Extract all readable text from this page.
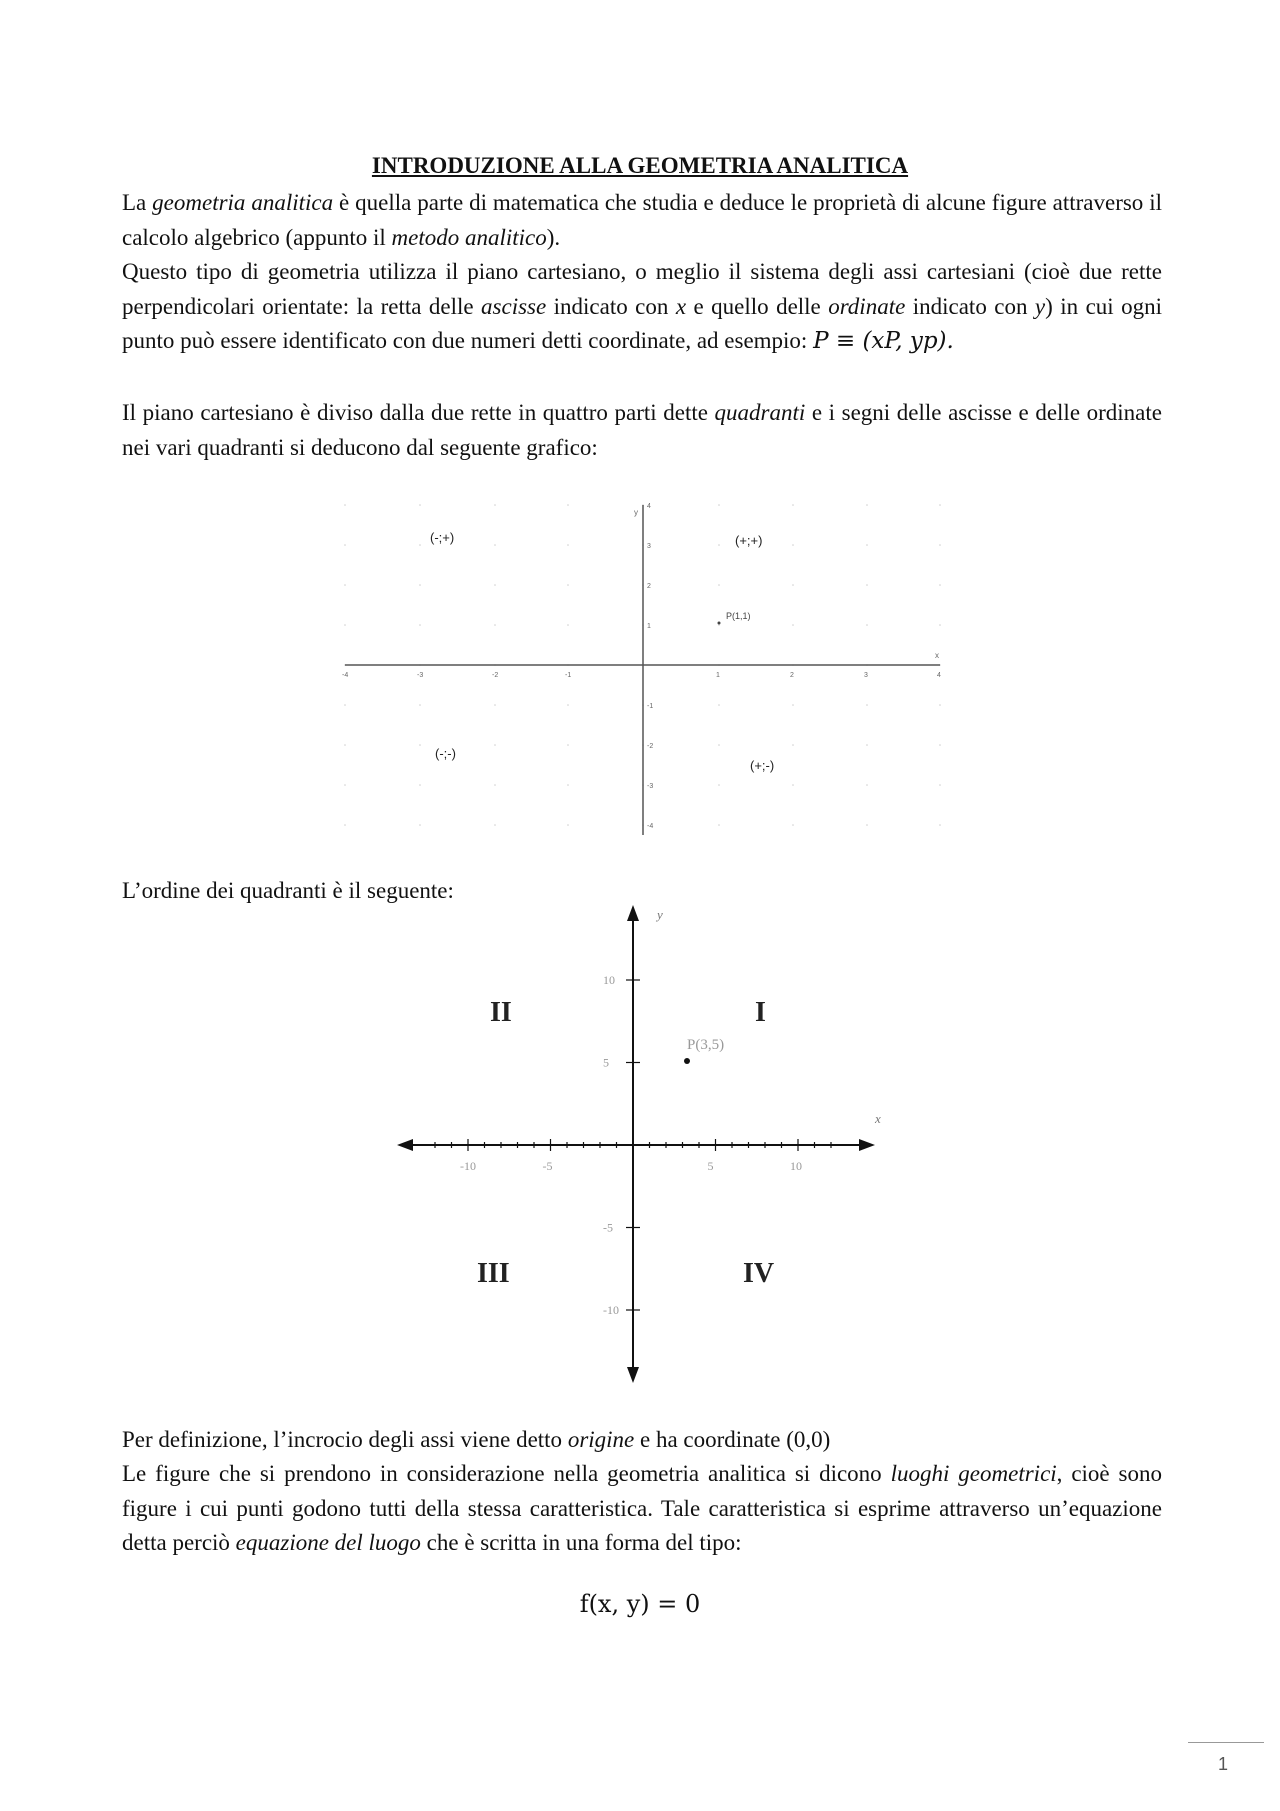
INTRODUZIONE ALLA GEOMETRIA ANALITICA
La geometria analitica è quella parte di matematica che studia e deduce le proprietà di alcune figure attraverso il calcolo algebrico (appunto il metodo analitico).
Questo tipo di geometria utilizza il piano cartesiano, o meglio il sistema degli assi cartesiani (cioè due rette perpendicolari orientate: la retta delle ascisse indicato con x e quello delle ordinate indicato con y) in cui ogni punto può essere identificato con due numeri detti coordinate, ad esempio: P ≡ (xP, yp).
Il piano cartesiano è diviso dalla due rette in quattro parti dette quadranti e i segni delle ascisse e delle ordinate nei vari quadranti si deducono dal seguente grafico:
-4	-3	-2	-1	1	2	3	4
4
3
2
1
-1
-2
-3
-4
x
y
(-;+)	(+;+)
(-;-)
(+;-)
P(1,1)
L’ordine dei quadranti è il seguente:
-10	-5	5	10
10
5
-5
-10
y
x
II	I
III	IV
P(3,5)
Per definizione, l’incrocio degli assi viene detto origine e ha coordinate (0,0)
Le figure che si prendono in considerazione nella geometria analitica si dicono luoghi geometrici, cioè sono figure i cui punti godono tutti della stessa caratteristica. Tale caratteristica si esprime attraverso un’equazione detta perciò equazione del luogo che è scritta in una forma del tipo:
f(x, y) = 0
1
